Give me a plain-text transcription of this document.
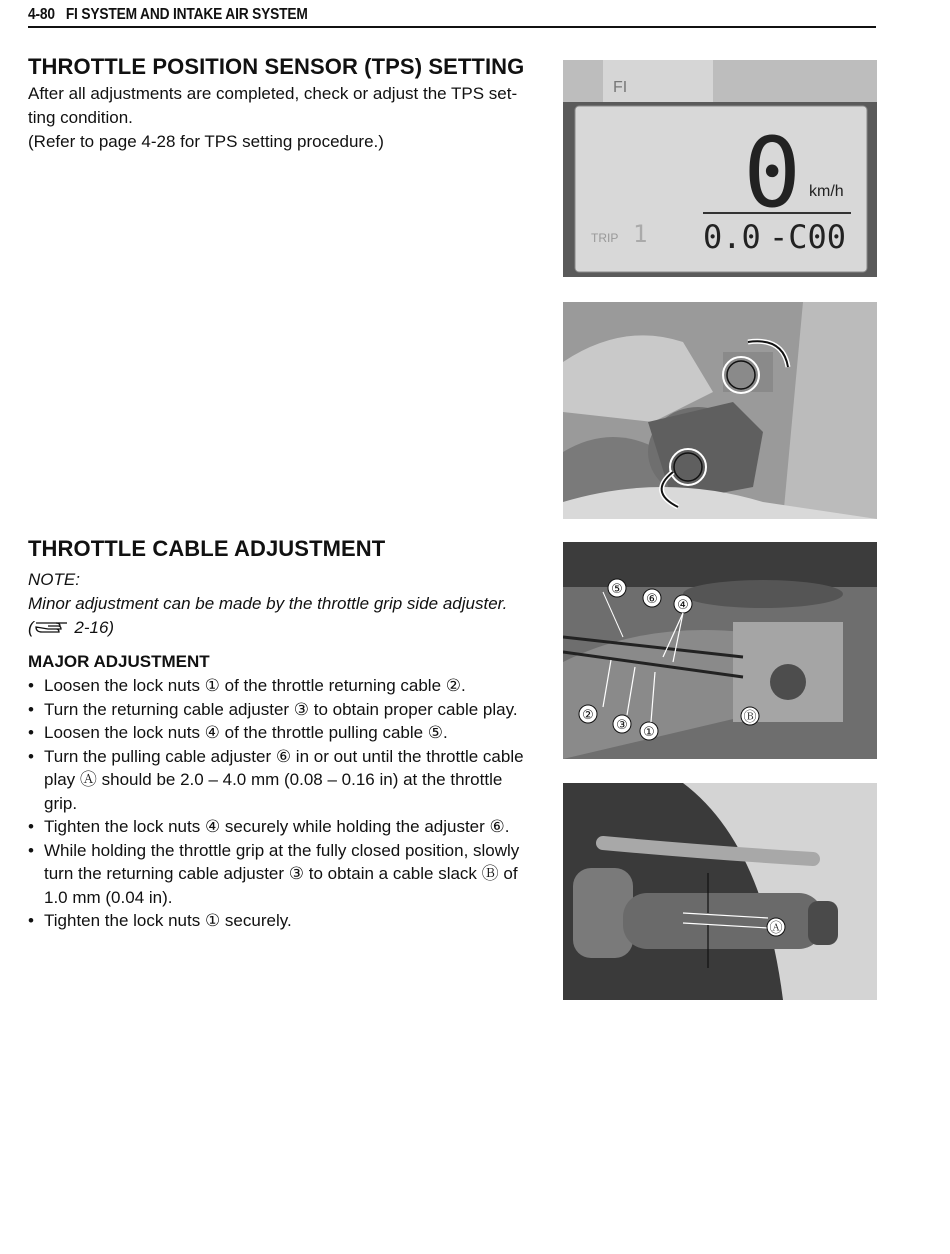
4-80 FI SYSTEM AND INTAKE AIR SYSTEM
THROTTLE POSITION SENSOR (TPS) SETTING

After all adjustments are completed, check or adjust the TPS set-

ting condition.

(Refer to page 4-28 for TPS setting procedure.)

THROTTLE CABLE ADJUSTMENT

NOTE:

Minor adjustment can be made by the throttle grip side adjuster.

( 2-16)

MAJOR ADJUSTMENT
• Loosen the lock nuts ① of the throttle returning cable ②.
• Turn the returning cable adjuster ③ to obtain proper cable play.
• Loosen the lock nuts ④ of the throttle pulling cable ⑤.
• Turn the pulling cable adjuster ⑥ in or out until the throttle cable play Ⓐ should be 2.0 – 4.0 mm (0.08 – 0.16 in) at the throttle grip.
• Tighten the lock nuts ④ securely while holding the adjuster ⑥.
• While holding the throttle grip at the fully closed position, slowly turn the returning cable adjuster ③ to obtain a cable slack Ⓑ of 1.0 mm (0.04 in).
• Tighten the lock nuts ① securely.
FI
0 km/h
TRIP 1 0.0 -C00
⑤
⑥ ④
②
③ ①
Ⓑ
Ⓐ
